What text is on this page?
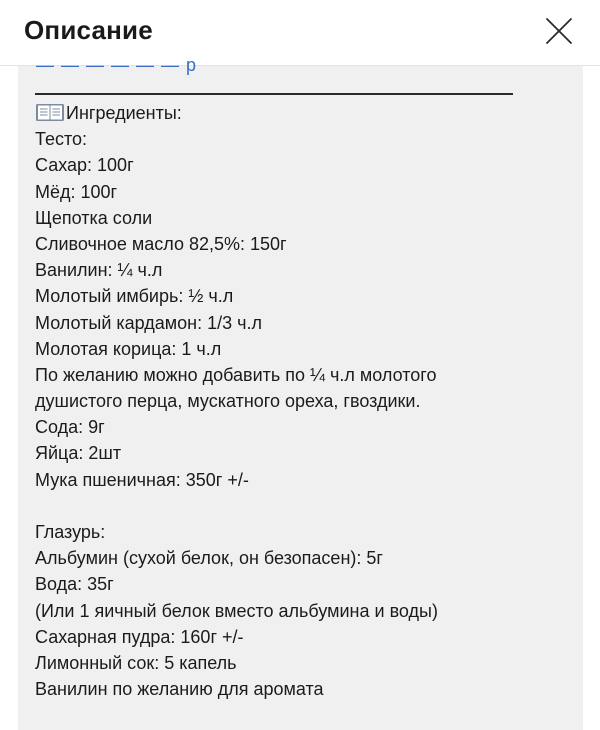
Описание
— — — — — — р
Ингредиенты:
Тесто:
Сахар: 100г
Мёд: 100г
Щепотка соли
Сливочное масло 82,5%: 150г
Ванилин: ¼ ч.л
Молотый имбирь: ½ ч.л
Молотый кардамон: 1/3 ч.л
Молотая корица: 1 ч.л
По желанию можно добавить по ¼ ч.л молотого
душистого перца, мускатного ореха, гвоздики.
Сода: 9г
Яйца: 2шт
Мука пшеничная: 350г +/-
Глазурь:
Альбумин (сухой белок, он безопасен): 5г
Вода: 35г
(Или 1 яичный белок вместо альбумина и воды)
Сахарная пудра: 160г +/-
Лимонный сок: 5 капель
Ванилин по желанию для аромата
